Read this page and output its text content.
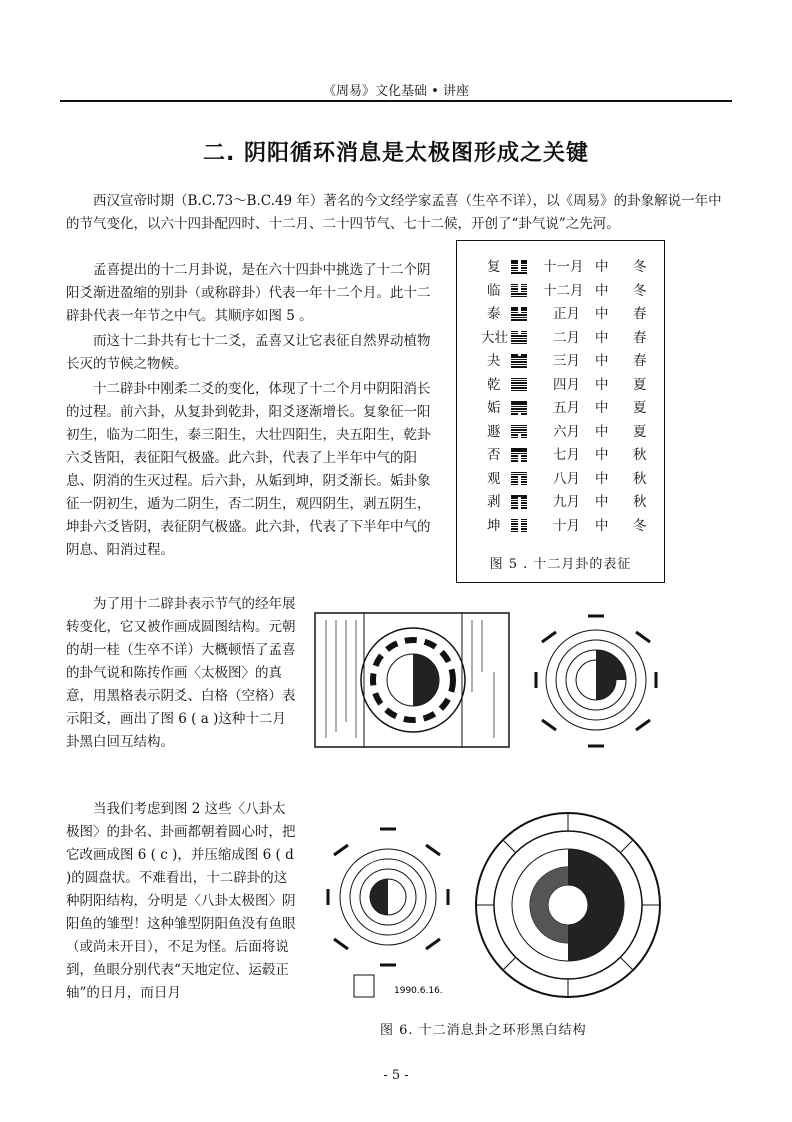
《周易》文化基础 • 讲座
二. 阴阳循环消息是太极图形成之关键

西汉宣帝时期（B.C.73～B.C.49 年）著名的今文经学家孟喜（生卒不详），以《周易》的卦象解说一年中的节气变化，以六十四卦配四时、十二月、二十四节气、七十二候，开创了“卦气说”之先河。

孟喜提出的十二月卦说，是在六十四卦中挑选了十二个阴阳爻渐进盈缩的别卦（或称辟卦）代表一年十二个月。此十二辟卦代表一年节之中气。其顺序如图 5 。

而这十二卦共有七十二爻，孟喜又让它表征自然界动植物长灭的节候之物候。

十二辟卦中刚柔二爻的变化，体现了十二个月中阴阳消长的过程。前六卦，从复卦到乾卦，阳爻逐渐增长。复象征一阳初生，临为二阳生，泰三阳生，大壮四阳生，夬五阳生，乾卦六爻皆阳，表征阳气极盛。此六卦，代表了上半年中气的阳息、阴消的生灭过程。后六卦，从姤到坤，阴爻渐长。姤卦象征一阴初生，遁为二阴生，否二阴生，观四阴生，剥五阴生，坤卦六爻皆阴，表征阴气极盛。此六卦，代表了下半年中气的阴息、阳消过程。

为了用十二辟卦表示节气的经年展转变化，它又被作画成圆图结构。元朝的胡一桂（生卒不详）大概顿悟了孟喜的卦气说和陈抟作画〈太极图〉的真意，用黑格表示阴爻、白格（空格）表示阳爻，画出了图 6 ( a )这种十二月卦黑白回互结构。

当我们考虑到图 2 这些〈八卦太极图〉的卦名、卦画都朝着圆心时，把它改画成图 6 ( c )，并压缩成图 6 ( d )的圆盘状。不难看出，十二辟卦的这种阴阳结构，分明是〈八卦太极图〉阴阳鱼的雏型！这种雏型阴阳鱼没有鱼眼（或尚未开目），不足为怪。后面将说到，鱼眼分别代表“天地定位、运毂正轴”的日月，而日月

复	十一月 中 冬
临	十二月 中 冬
泰	正月 中 春
大壮	二月 中 春
夬	三月 中 春
乾	四月 中 夏
姤	五月 中 夏
遯	六月 中 夏
否	七月 中 秋
观	八月 中 秋
剥	九月 中 秋
坤	十月 中 冬
图 5 . 十二月卦的表征
1990.6.16.
图 6. 十二消息卦之环形黑白结构
- 5 -
